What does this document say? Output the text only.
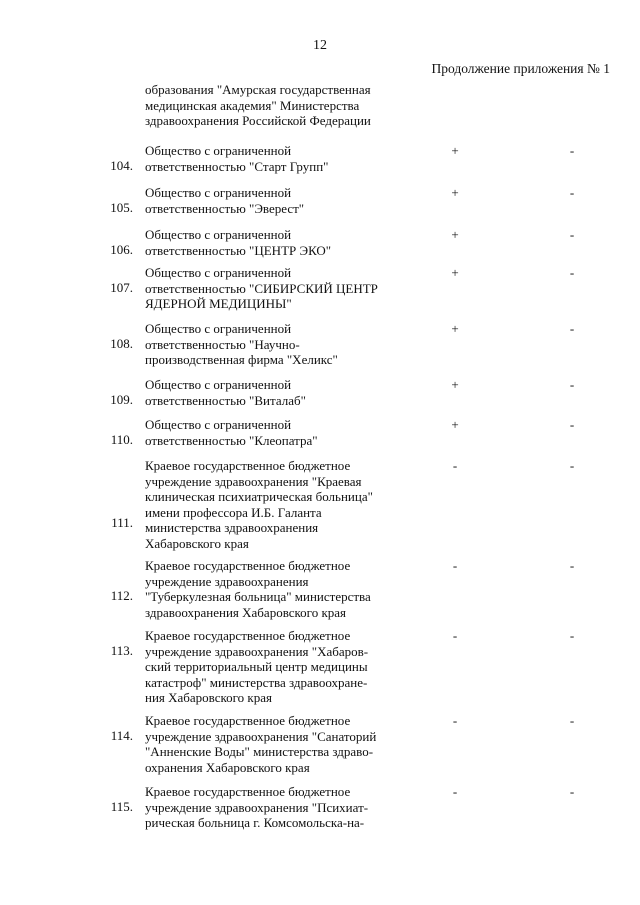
12
Продолжение приложения № 1
образования "Амурская государственная медицинская академия" Министерства здравоохранения Российской Федерации
104.
Общество с ограниченной
ответственностью "Старт Групп"
+	-
105.
Общество с ограниченной
ответственностью "Эверест"
+	-
106.
Общество с ограниченной
ответственностью "ЦЕНТР ЭКО"
+	-
107.
Общество с ограниченной
ответственностью "СИБИРСКИЙ ЦЕНТР
ЯДЕРНОЙ МЕДИЦИНЫ"
+	-
108.
Общество с ограниченной
ответственностью "Научно-
производственная фирма "Хеликс"
+	-
109.
Общество с ограниченной
ответственностью "Виталаб"
+	-
110.
Общество с ограниченной
ответственностью "Клеопатра"
+	-
111.
Краевое государственное бюджетное
учреждение здравоохранения "Краевая
клиническая психиатрическая больница"
имени профессора И.Б. Галанта
министерства здравоохранения
Хабаровского края
-	-
112.
Краевое государственное бюджетное
учреждение здравоохранения
"Туберкулезная больница" министерства
здравоохранения Хабаровского края
-	-
113.
Краевое государственное бюджетное
учреждение здравоохранения "Хабаров-
ский территориальный центр медицины
катастроф" министерства здравоохране-
ния Хабаровского края
-	-
114.
Краевое государственное бюджетное
учреждение здравоохранения "Санаторий
"Анненские Воды" министерства здраво-
охранения Хабаровского края
-	-
115.
Краевое государственное бюджетное
учреждение здравоохранения "Психиат-
рическая больница г. Комсомольска-на-
-	-
